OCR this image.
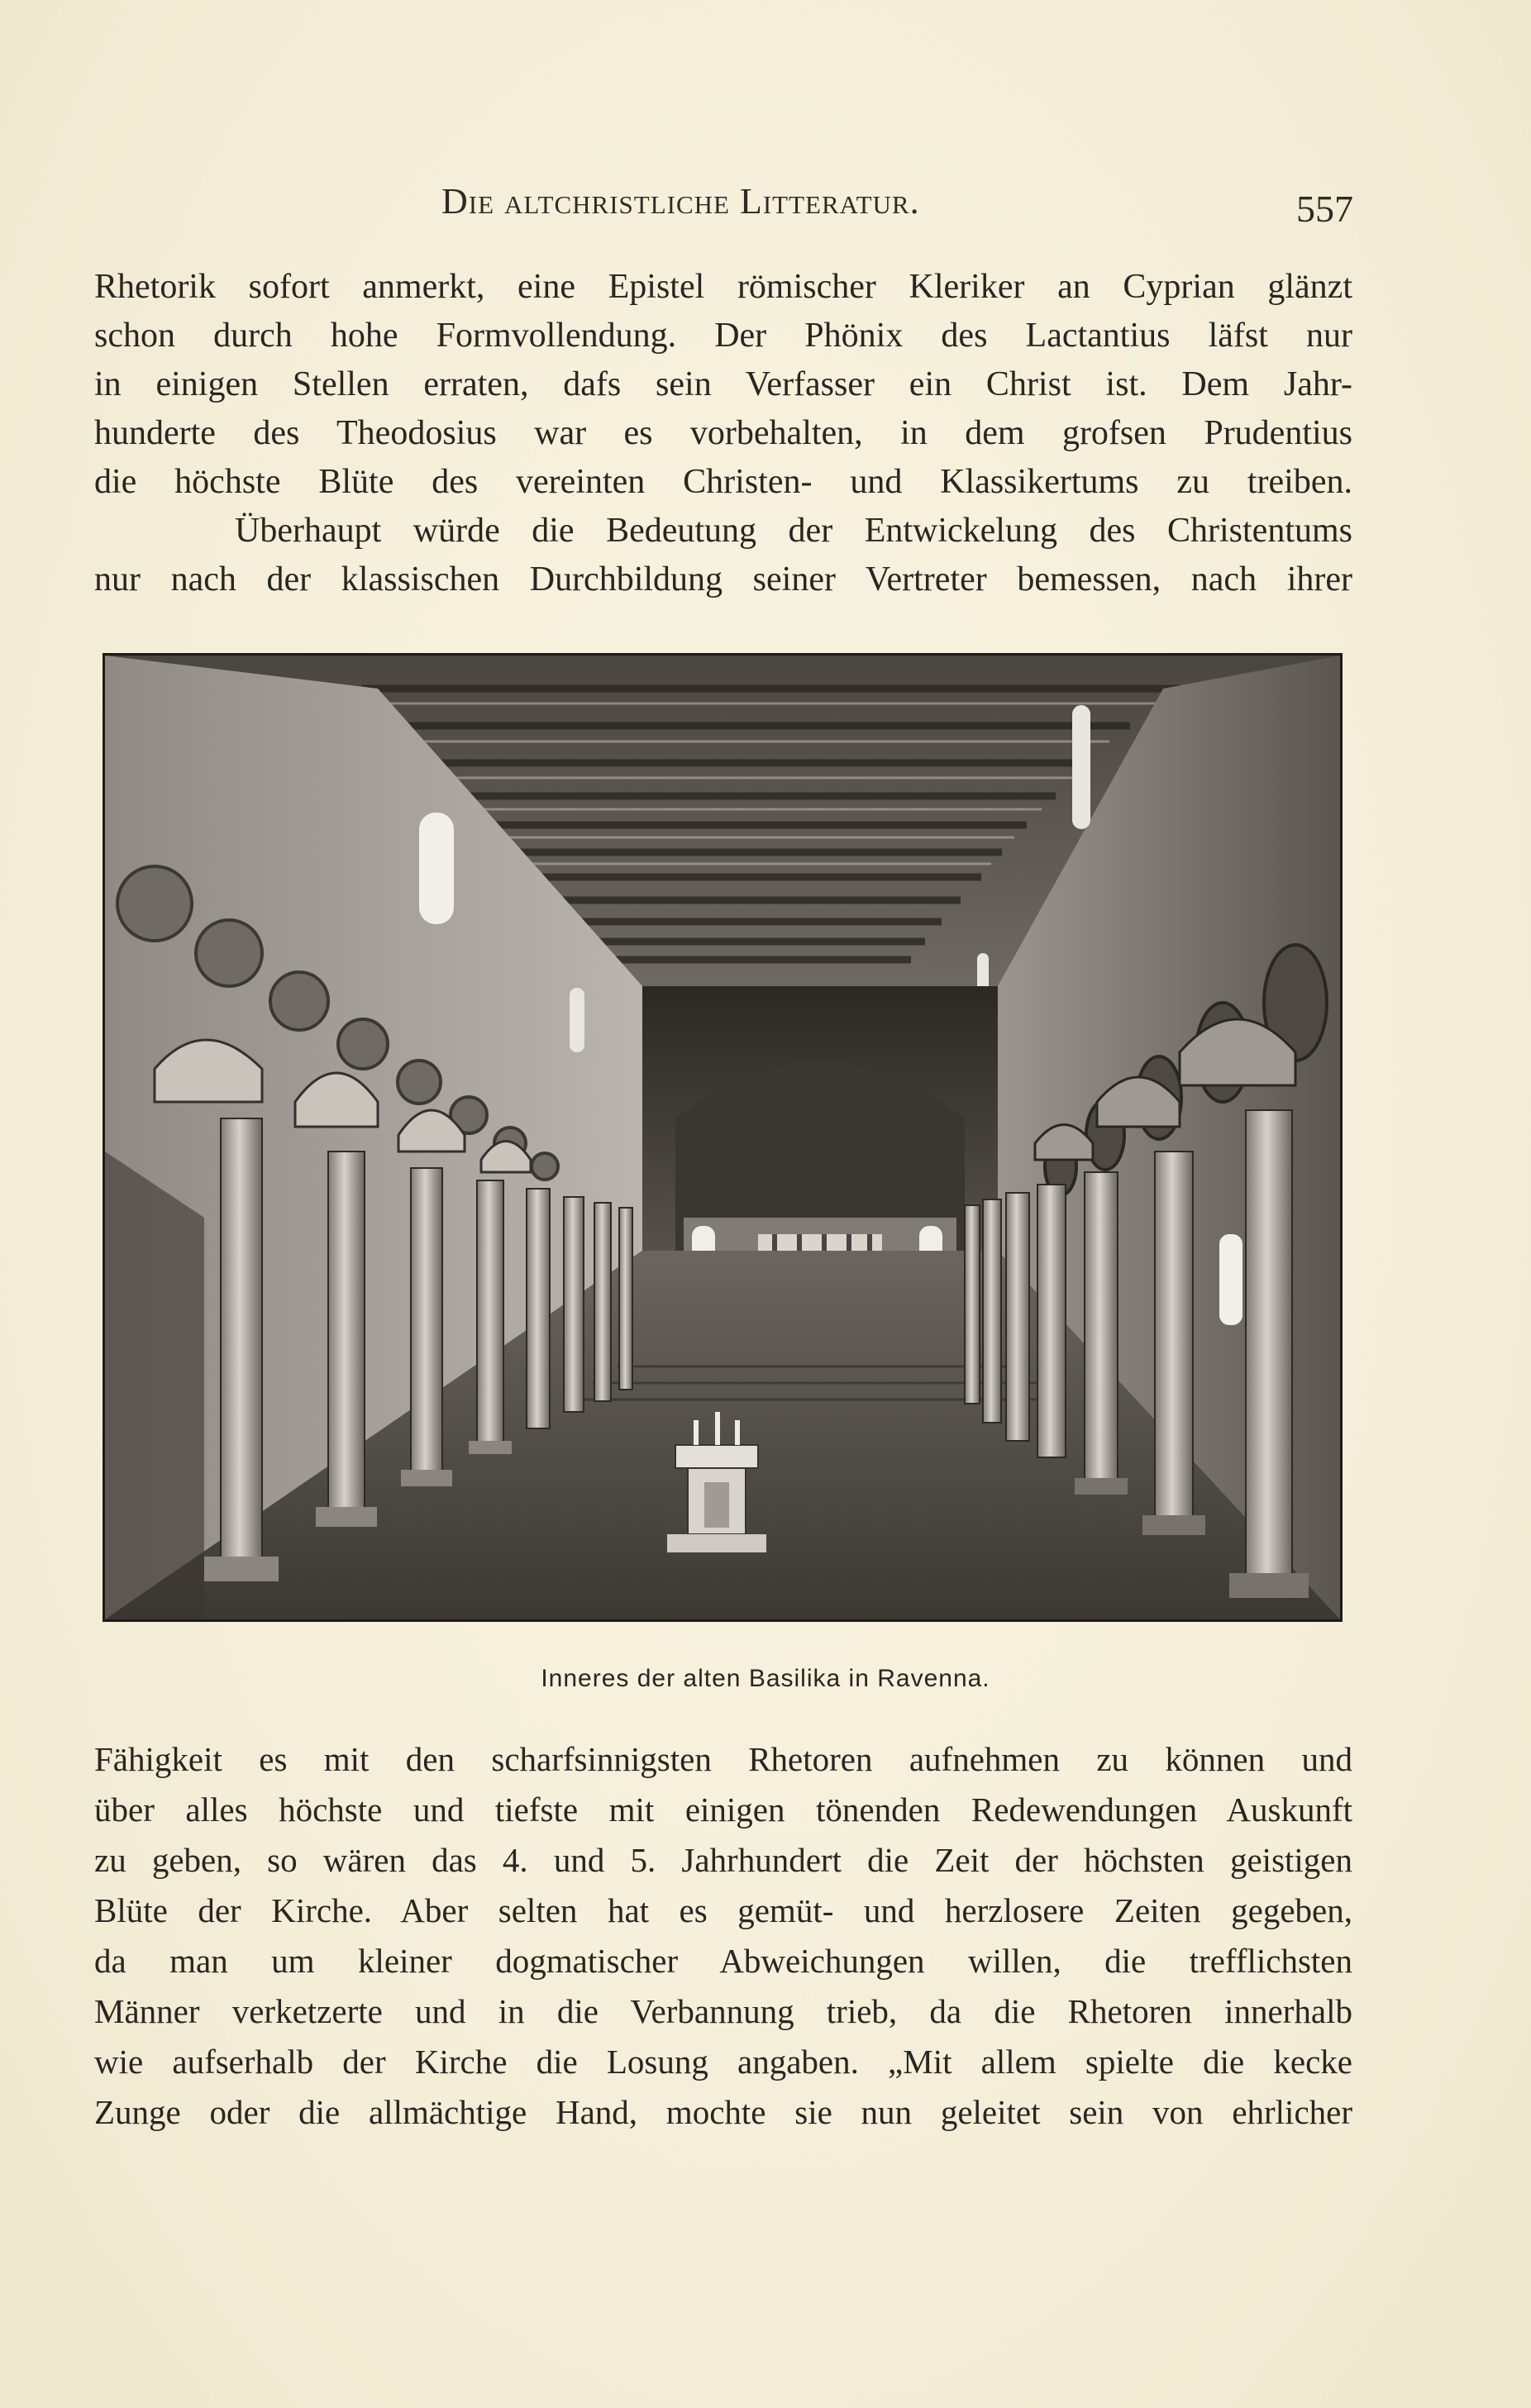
Die altchristliche Litteratur.	557
Rhetorik sofort anmerkt, eine Epistel römischer Kleriker an Cyprian glänzt
schon durch hohe Formvollendung. Der Phönix des Lactantius läfst nur
in einigen Stellen erraten, dafs sein Verfasser ein Christ ist. Dem Jahr-
hunderte des Theodosius war es vorbehalten, in dem grofsen Prudentius
die höchste Blüte des vereinten Christen- und Klassikertums zu treiben.
Überhaupt würde die Bedeutung der Entwickelung des Christentums
nur nach der klassischen Durchbildung seiner Vertreter bemessen, nach ihrer
Inneres der alten Basilika in Ravenna.
Fähigkeit es mit den scharfsinnigsten Rhetoren aufnehmen zu können und
über alles höchste und tiefste mit einigen tönenden Redewendungen Auskunft
zu geben, so wären das 4. und 5. Jahrhundert die Zeit der höchsten geistigen
Blüte der Kirche. Aber selten hat es gemüt- und herzlosere Zeiten gegeben,
da man um kleiner dogmatischer Abweichungen willen, die trefflichsten
Männer verketzerte und in die Verbannung trieb, da die Rhetoren innerhalb
wie aufserhalb der Kirche die Losung angaben. „Mit allem spielte die kecke
Zunge oder die allmächtige Hand, mochte sie nun geleitet sein von ehrlicher
